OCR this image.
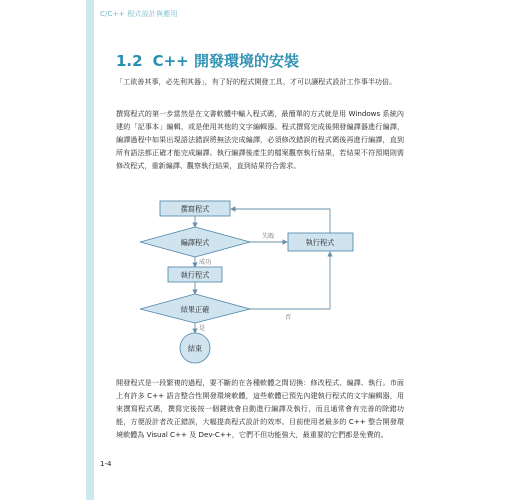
C/C++ 程式設計與應用
1.2 C++ 開發環境的安裝

「工欲善其事，必先利其器」，有了好的程式開發工具，才可以讓程式設計工作事半功倍。

撰寫程式的第一步當然是在文書軟體中輸入程式碼，最簡單的方式就是用 Windows 系統內建的「記事本」編輯，或是使用其他的文字編輯器。程式撰寫完成後開發編譯器進行編譯，編譯過程中如果出現語法錯誤將無法完成編譯，必須修改錯誤的程式碼後再進行編譯，直到所有語法都正確才能完成編譯。執行編譯後產生的檔案觀察執行結果，若結果不符預期則需修改程式，重新編譯、觀察執行結果，直到結果符合需求。

撰寫程式
編譯程式	執行程式
執行程式
結果正確
結束
失敗
成功
否
是

開發程式是一段繁複的過程，要不斷的在各種軟體之間切換：修改程式、編譯、執行。市面上有許多 C++ 語言整合性開發環境軟體，這些軟體已預先內建執行程式的文字編輯器，用來撰寫程式碼，撰寫完後按一個鍵就會自動進行編譯及執行，而且通常會有完善的除錯功能，方便設計者改正錯誤，大幅提高程式設計的效率。目前使用者最多的 C++ 整合開發環境軟體為 Visual C++ 及 Dev-C++，它們不但功能強大，最重要的它們都是免費的。

1-4
